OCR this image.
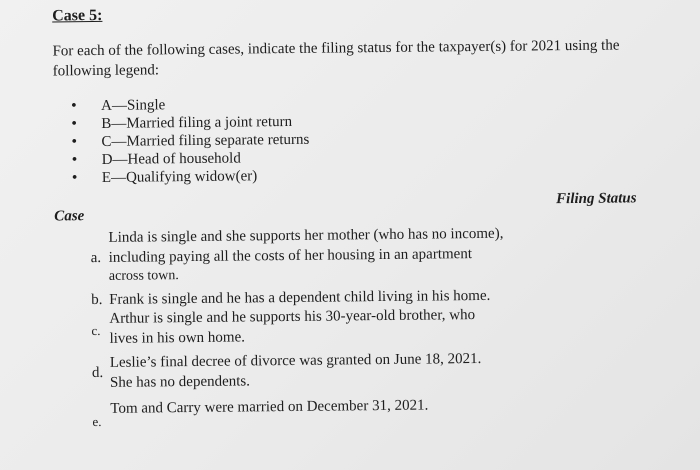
Case 5:
For each of the following cases, indicate the filing status for the taxpayer(s) for 2021 using the following legend:
• A—Single
• B—Married filing a joint return
• C—Married filing separate returns
• D—Head of household
• E—Qualifying widow(er)
Case
Filing Status
Linda is single and she supports her mother (who has no income),
a. including paying all the costs of her housing in an apartment
across town.
b. Frank is single and he has a dependent child living in his home.
Arthur is single and he supports his 30-year-old brother, who
c. lives in his own home.
Leslie’s final decree of divorce was granted on June 18, 2021.
d.
She has no dependents.
Tom and Carry were married on December 31, 2021.
e.
